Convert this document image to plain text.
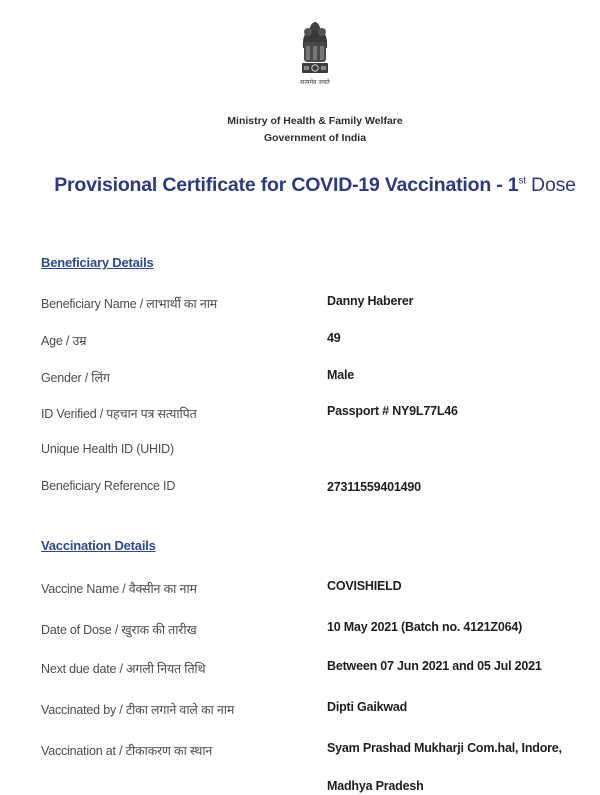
सत्यमेव जयते
Ministry of Health & Family Welfare
Government of India
Provisional Certificate for COVID-19 Vaccination - 1st Dose
Beneficiary Details
Beneficiary Name / लाभार्थी का नाम	Danny Haberer
Age / उम्र	49
Gender / लिंग	Male
ID Verified / पहचान पत्र सत्यापित	Passport # NY9L77L46
Unique Health ID (UHID)
Beneficiary Reference ID	27311559401490
Vaccination Details
Vaccine Name / वैक्सीन का नाम	COVISHIELD
Date of Dose / खुराक की तारीख	10 May 2021 (Batch no. 4121Z064)
Next due date / अगली नियत तिथि	Between 07 Jun 2021 and 05 Jul 2021
Vaccinated by / टीका लगाने वाले का नाम	Dipti Gaikwad
Vaccination at / टीकाकरण का स्थान	Syam Prashad Mukharji Com.hal, Indore,
Madhya Pradesh
